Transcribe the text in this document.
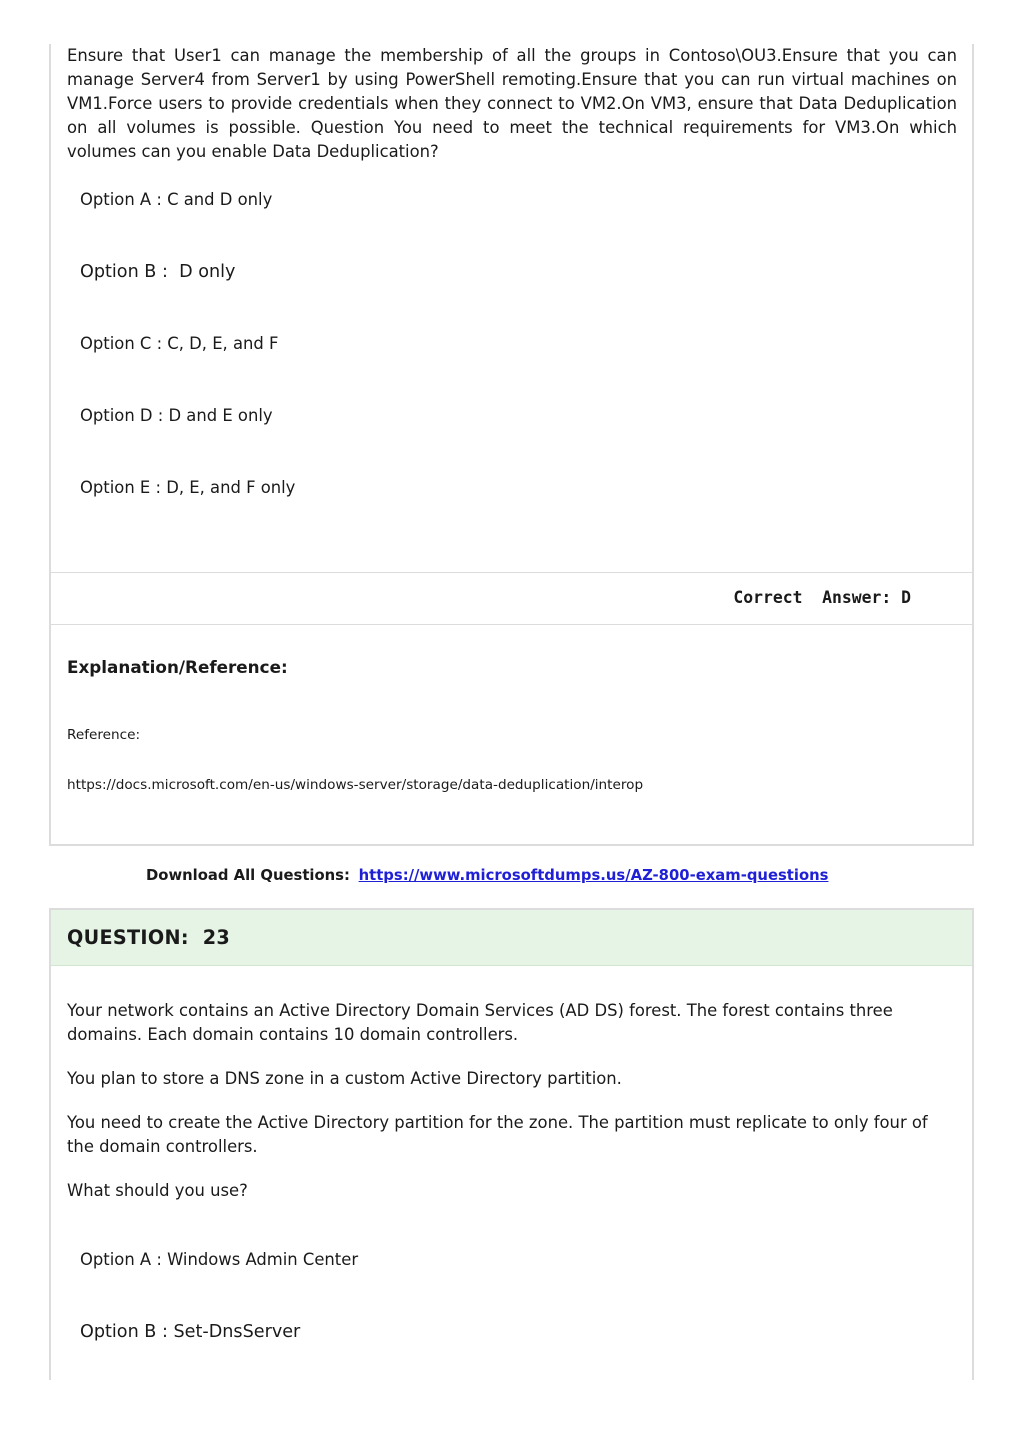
Ensure that User1 can manage the membership of all the groups in Contoso\OU3.Ensure that you can manage Server4 from Server1 by using PowerShell remoting.Ensure that you can run virtual machines on VM1.Force users to provide credentials when they connect to VM2.On VM3, ensure that Data Deduplication on all volumes is possible. Question You need to meet the technical requirements for VM3.On which volumes can you enable Data Deduplication?

Option A : C and D only

Option B :  D only

Option C : C, D, E, and F

Option D : D and E only

Option E : D, E, and F only

Correct  Answer: D

Explanation/Reference:

Reference:

https://docs.microsoft.com/en-us/windows-server/storage/data-deduplication/interop

Download All Questions: https://www.microsoftdumps.us/AZ-800-exam-questions
QUESTION:  23

Your network contains an Active Directory Domain Services (AD DS) forest. The forest contains three domains. Each domain contains 10 domain controllers.

You plan to store a DNS zone in a custom Active Directory partition.

You need to create the Active Directory partition for the zone. The partition must replicate to only four of the domain controllers.

What should you use?

Option A : Windows Admin Center

Option B : Set-DnsServer
